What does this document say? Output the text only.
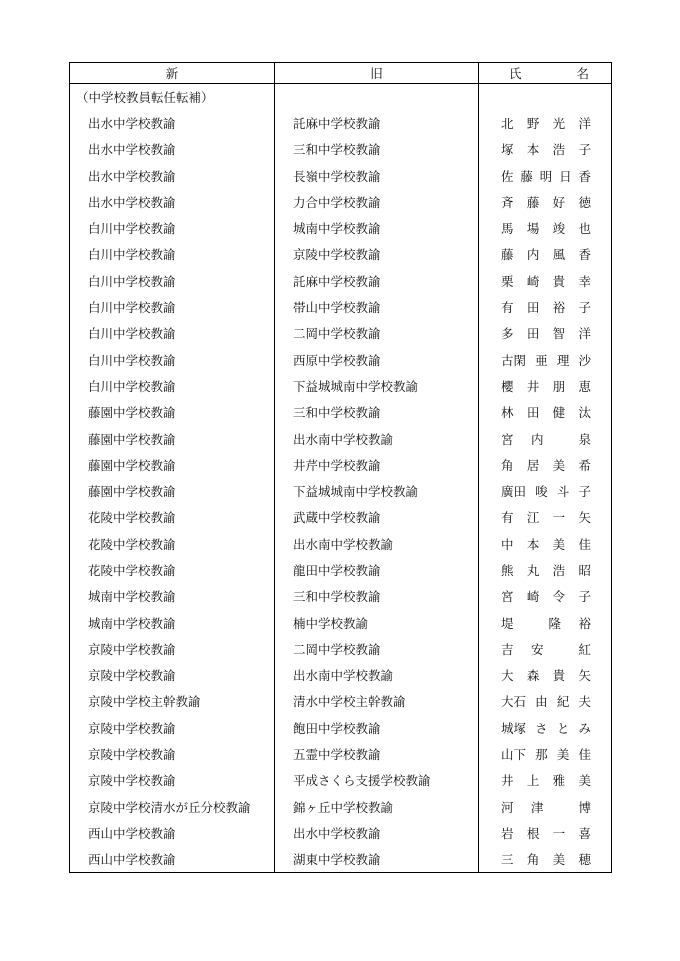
新	旧	氏 名

（中学校教員転任転補）		
出水中学校教諭	託麻中学校教諭	北 野 光 洋

出水中学校教諭	三和中学校教諭	塚 本 浩 子

出水中学校教諭	長嶺中学校教諭	佐 藤 明 日 香

出水中学校教諭	力合中学校教諭	斉 藤 好 徳

白川中学校教諭	城南中学校教諭	馬 場 竣 也

白川中学校教諭	京陵中学校教諭	藤 内 風 香

白川中学校教諭	託麻中学校教諭	栗 崎 貴 幸

白川中学校教諭	帯山中学校教諭	有 田 裕 子

白川中学校教諭	二岡中学校教諭	多 田 智 洋

白川中学校教諭	西原中学校教諭	古閑 亜 理 沙

白川中学校教諭	下益城城南中学校教諭	櫻 井 朋 恵

藤園中学校教諭	三和中学校教諭	林 田 健 汰

藤園中学校教諭	出水南中学校教諭	宮 内 泉

藤園中学校教諭	井芹中学校教諭	角 居 美 希

藤園中学校教諭	下益城城南中学校教諭	廣田 唆 斗 子

花陵中学校教諭	武蔵中学校教諭	有 江 一 矢

花陵中学校教諭	出水南中学校教諭	中 本 美 佳

花陵中学校教諭	龍田中学校教諭	熊 丸 浩 昭

城南中学校教諭	三和中学校教諭	宮 崎 令 子

城南中学校教諭	楠中学校教諭	堤 隆 裕

京陵中学校教諭	二岡中学校教諭	吉 安 紅

京陵中学校教諭	出水南中学校教諭	大 森 貴 矢

京陵中学校主幹教諭	清水中学校主幹教諭	大石 由 紀 夫

京陵中学校教諭	飽田中学校教諭	城塚 さ と み

京陵中学校教諭	五霊中学校教諭	山下 那 美 佳

京陵中学校教諭	平成さくら支援学校教諭	井 上 雅 美

京陵中学校清水が丘分校教諭	錦ヶ丘中学校教諭	河 津 博

西山中学校教諭	出水中学校教諭	岩 根 一 喜

西山中学校教諭	湖東中学校教諭	三 角 美 穂
